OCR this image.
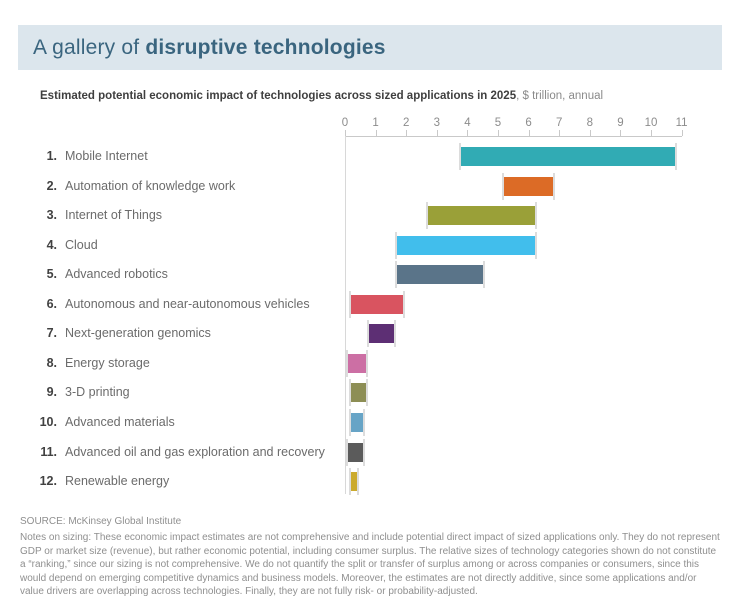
A gallery of disruptive technologies
Estimated potential economic impact of technologies across sized applications in 2025, $ trillion, annual
0 1 2 3 4 5 6 7 8 9 10 11
1. Mobile Internet
2. Automation of knowledge work
3. Internet of Things
4. Cloud
5. Advanced robotics
6. Autonomous and near-autonomous vehicles
7. Next-generation genomics
8. Energy storage
9. 3-D printing
10. Advanced materials
11. Advanced oil and gas exploration and recovery
12. Renewable energy
SOURCE: McKinsey Global Institute
Notes on sizing: These economic impact estimates are not comprehensive and include potential direct impact of sized applications only. They do not represent GDP or market size (revenue), but rather economic potential, including consumer surplus. The relative sizes of technology categories shown do not constitute a “ranking,” since our sizing is not comprehensive. We do not quantify the split or transfer of surplus among or across companies or consumers, since this would depend on emerging competitive dynamics and business models. Moreover, the estimates are not directly additive, since some applications and/or value drivers are overlapping across technologies. Finally, they are not fully risk- or probability-adjusted.
